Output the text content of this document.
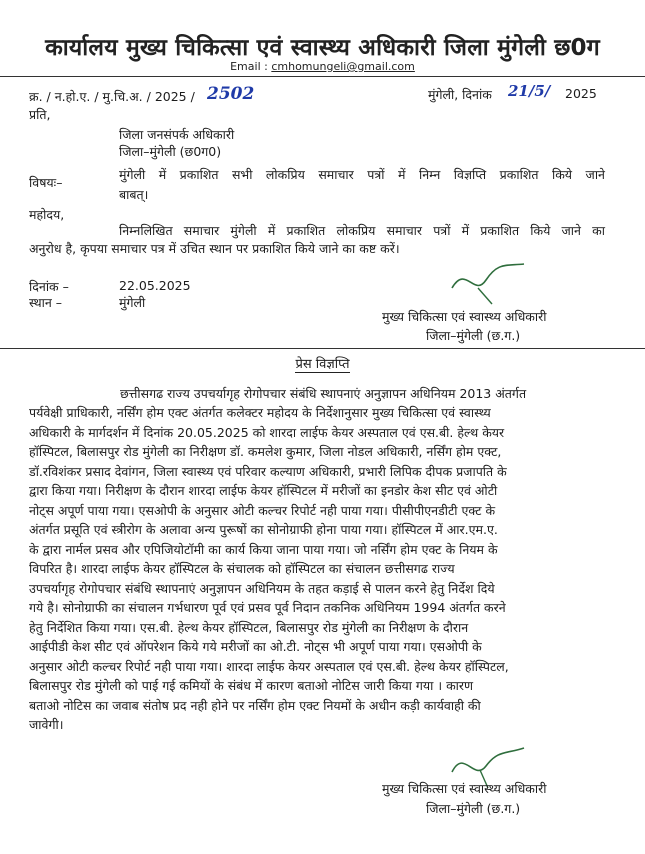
कार्यालय मुख्य चिकित्सा एवं स्वास्थ्य अधिकारी जिला मुंगेली छ0ग
Email : cmhomungeli@gmail.com
क्र. / न.हो.ए. / मु.चि.अ. / 2025 / 2502	मुंगेली, दिनांक 21/5/ 2025
प्रति,
जिला जनसंपर्क अधिकारी
जिला–मुंगेली (छ0ग0)
विषयः–
मुंगेली में प्रकाशित सभी लोकप्रिय समाचार पत्रों में निम्न विज्ञप्ति प्रकाशित किये जाने
बाबत्।
महोदय,
निम्नलिखित समाचार मुंगेली में प्रकाशित लोकप्रिय समाचार पत्रों में प्रकाशित किये जाने का
अनुरोध है, कृपया समाचार पत्र में उचित स्थान पर प्रकाशित किये जाने का कष्ट करें।
दिनांक –	22.05.2025
स्थान –	मुंगेली
मुख्य चिकित्सा एवं स्वास्थ्य अधिकारी
जिला–मुंगेली (छ.ग.)
प्रेस विज्ञप्ति
छत्तीसगढ राज्य उपचर्यागृह रोगोपचार संबंधि स्थापनाएं अनुज्ञापन अधिनियम 2013 अंतर्गत
पर्यवेक्षी प्राधिकारी, नर्सिंग होम एक्ट अंतर्गत कलेक्टर महोदय के निर्देशानुसार मुख्य चिकित्सा एवं स्वास्थ्य
अधिकारी के मार्गदर्शन में दिनांक 20.05.2025 को शारदा लाईफ केयर अस्पताल एवं एस.बी. हेल्थ केयर
हॉस्पिटल, बिलासपुर रोड मुंगेली का निरीक्षण डॉ. कमलेश कुमार, जिला नोडल अधिकारी, नर्सिंग होम एक्ट,
डॉ.रविशंकर प्रसाद देवांगन, जिला स्वास्थ्य एवं परिवार कल्याण अधिकारी, प्रभारी लिपिक दीपक प्रजापति के
द्वारा किया गया। निरीक्षण के दौरान शारदा लाईफ केयर हॉस्पिटल में मरीजों का इनडोर केश सीट एवं ओटी
नोट्स अपूर्ण पाया गया। एसओपी के अनुसार ओटी कल्चर रिपोर्ट नही पाया गया। पीसीपीएनडीटी एक्ट के
अंतर्गत प्रसूति एवं स्त्रीरोग के अलावा अन्य पुरूषों का सोनोग्राफी होना पाया गया। हॉस्पिटल में आर.एम.ए.
के द्वारा नार्मल प्रसव और एपिजियोटॉमी का कार्य किया जाना पाया गया। जो नर्सिंग होम एक्ट के नियम के
विपरित है। शारदा लाईफ केयर हॉस्पिटल के संचालक को हॉस्पिटल का संचालन छत्तीसगढ राज्य
उपचर्यागृह रोगोपचार संबंधि स्थापनाएं अनुज्ञापन अधिनियम के तहत कड़ाई से पालन करने हेतु निर्देश दिये
गये है। सोनोग्राफी का संचालन गर्भधारण पूर्व एवं प्रसव पूर्व निदान तकनिक अधिनियम 1994 अंतर्गत करने
हेतु निर्देशित किया गया। एस.बी. हेल्थ केयर हॉस्पिटल, बिलासपुर रोड मुंगेली का निरीक्षण के दौरान
आईपीडी केश सीट एवं ऑपरेशन किये गये मरीजों का ओ.टी. नोट्स भी अपूर्ण पाया गया। एसओपी के
अनुसार ओटी कल्चर रिपोर्ट नही पाया गया। शारदा लाईफ केयर अस्पताल एवं एस.बी. हेल्थ केयर हॉस्पिटल,
बिलासपुर रोड मुंगेली को पाई गई कमियों के संबंध में कारण बताओ नोटिस जारी किया गया । कारण
बताओ नोटिस का जवाब संतोष प्रद नही होने पर नर्सिंग होम एक्ट नियमों के अधीन कड़ी कार्यवाही की
जावेगी।
मुख्य चिकित्सा एवं स्वास्थ्य अधिकारी
जिला–मुंगेली (छ.ग.)
